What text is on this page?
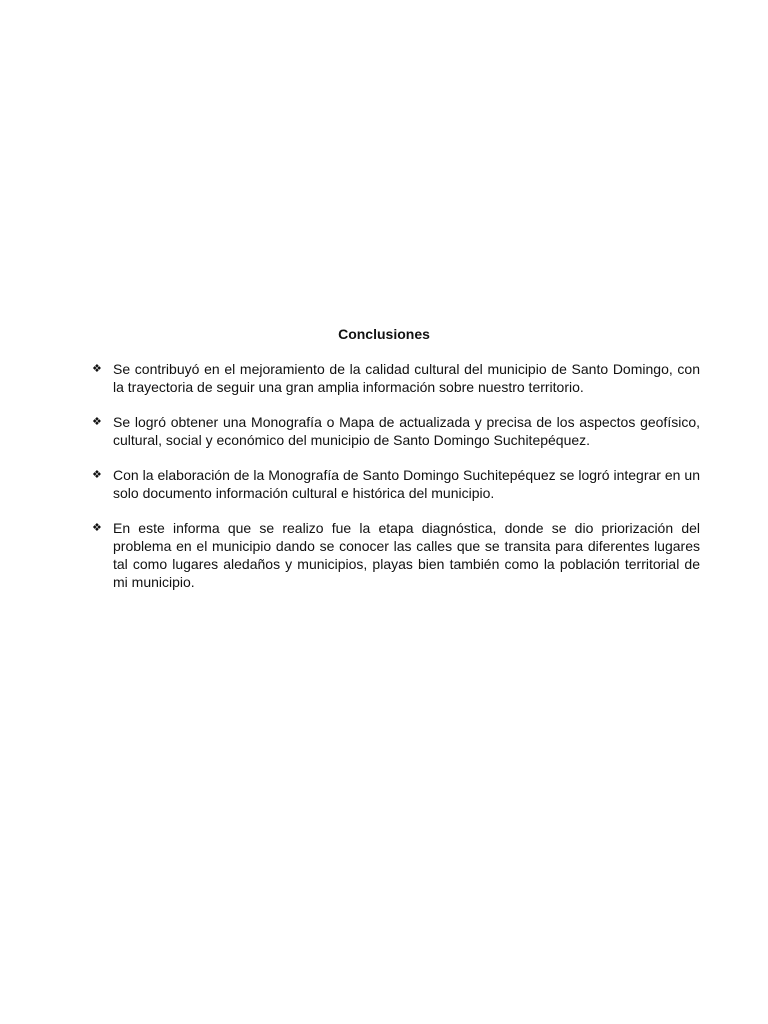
Conclusiones
❖ Se contribuyó en el mejoramiento de la calidad cultural del municipio de Santo Domingo, con la trayectoria de seguir una gran amplia información sobre nuestro territorio.
❖ Se logró obtener una Monografía o Mapa de actualizada y precisa de los aspectos geofísico, cultural, social y económico del municipio de Santo Domingo Suchitepéquez.
❖ Con la elaboración de la Monografía de Santo Domingo Suchitepéquez se logró integrar en un solo documento información cultural e histórica del municipio.
❖ En este informa que se realizo fue la etapa diagnóstica, donde se dio priorización del problema en el municipio dando se conocer las calles que se transita para diferentes lugares tal como lugares aledaños y municipios, playas bien también como la población territorial de mi municipio.
